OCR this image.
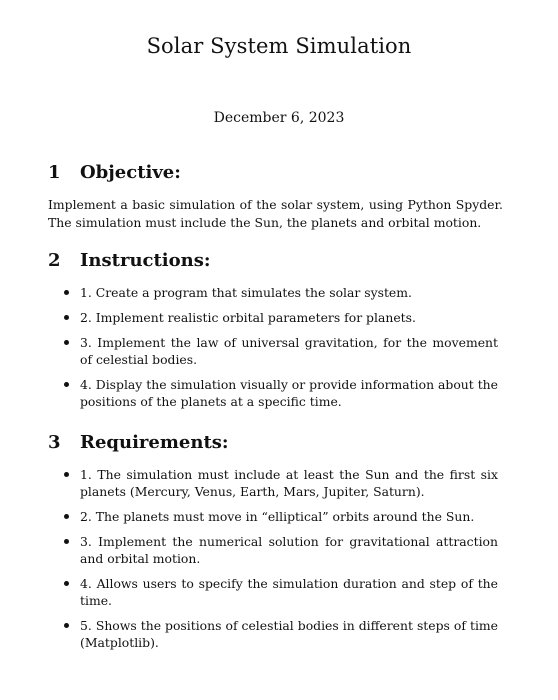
Solar System Simulation
December 6, 2023
1 Objective:
Implement a basic simulation of the solar system, using Python Spyder. The simulation must include the Sun, the planets and orbital motion.
2 Instructions:
1. Create a program that simulates the solar system.
2. Implement realistic orbital parameters for planets.
3. Implement the law of universal gravitation, for the movement of celestial bodies.
4. Display the simulation visually or provide information about the positions of the planets at a specific time.
3 Requirements:
1. The simulation must include at least the Sun and the first six planets (Mercury, Venus, Earth, Mars, Jupiter, Saturn).
2. The planets must move in “elliptical” orbits around the Sun.
3. Implement the numerical solution for gravitational attraction and orbital motion.
4. Allows users to specify the simulation duration and step of the time.
5. Shows the positions of celestial bodies in different steps of time (Matplotlib).
